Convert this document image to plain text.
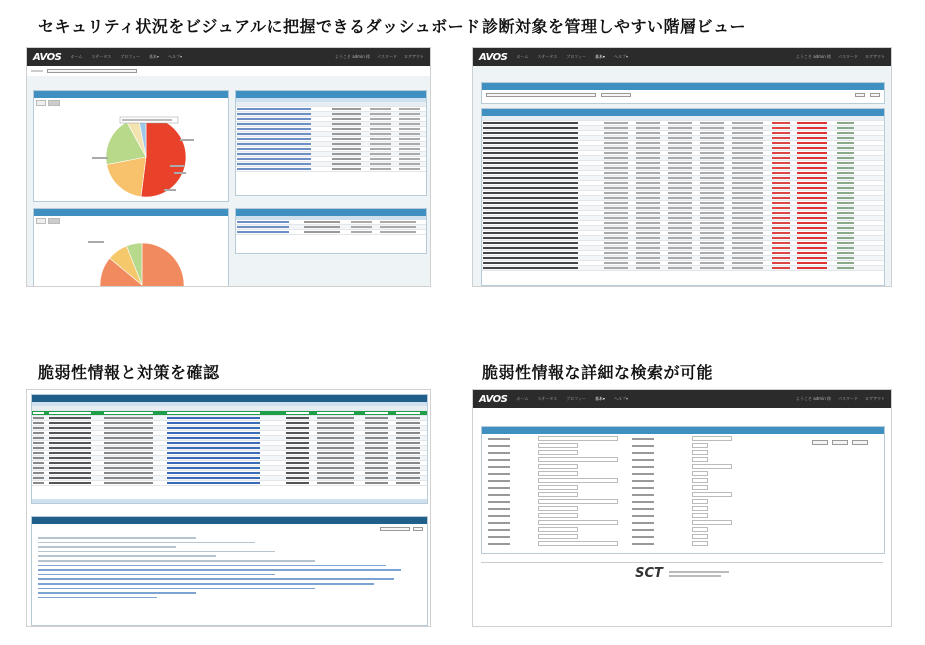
セキュリティ状況をビジュアルに把握できるダッシュボード 診断対象を管理しやすい階層ビュー
脆弱性情報と対策を確認	脆弱性情報な詳細な検索が可能
AVOS ホーム ステータス ブロフィー 基本▾ ヘルプ▾	ようこそ admin 様 パスワード ログアウト

	AVOS ホーム ステータス ブロフィー 基本▾ ヘルプ▾	ようこそ admin 様 パスワード ログアウト
AVOS ホーム ステータス ブロフィー 基本▾ ヘルプ▾	ようこそ admin 様 パスワード ログアウト
SCT
